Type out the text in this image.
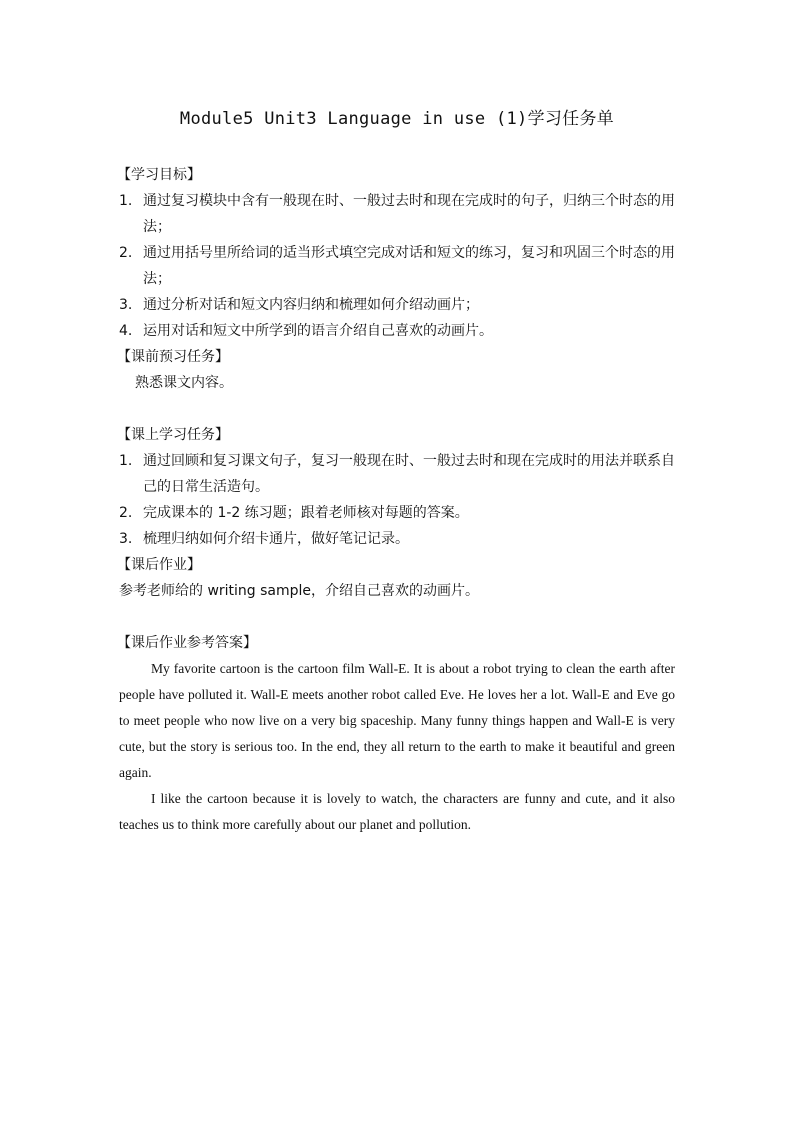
Module5 Unit3 Language in use (1)学习任务单
【学习目标】
1. 通过复习模块中含有一般现在时、一般过去时和现在完成时的句子，归纳三个时态的用法；
2. 通过用括号里所给词的适当形式填空完成对话和短文的练习，复习和巩固三个时态的用法；
3. 通过分析对话和短文内容归纳和梳理如何介绍动画片；
4. 运用对话和短文中所学到的语言介绍自己喜欢的动画片。
【课前预习任务】
熟悉课文内容。
【课上学习任务】
1. 通过回顾和复习课文句子，复习一般现在时、一般过去时和现在完成时的用法并联系自己的日常生活造句。
2. 完成课本的 1-2 练习题；跟着老师核对每题的答案。
3. 梳理归纳如何介绍卡通片，做好笔记记录。
【课后作业】
参考老师给的 writing sample，介绍自己喜欢的动画片。
【课后作业参考答案】

My favorite cartoon is the cartoon film Wall-E. It is about a robot trying to clean the earth after people have polluted it. Wall-E meets another robot called Eve. He loves her a lot. Wall-E and Eve go to meet people who now live on a very big spaceship. Many funny things happen and Wall-E is very cute, but the story is serious too. In the end, they all return to the earth to make it beautiful and green again.

I like the cartoon because it is lovely to watch, the characters are funny and cute, and it also teaches us to think more carefully about our planet and pollution.
